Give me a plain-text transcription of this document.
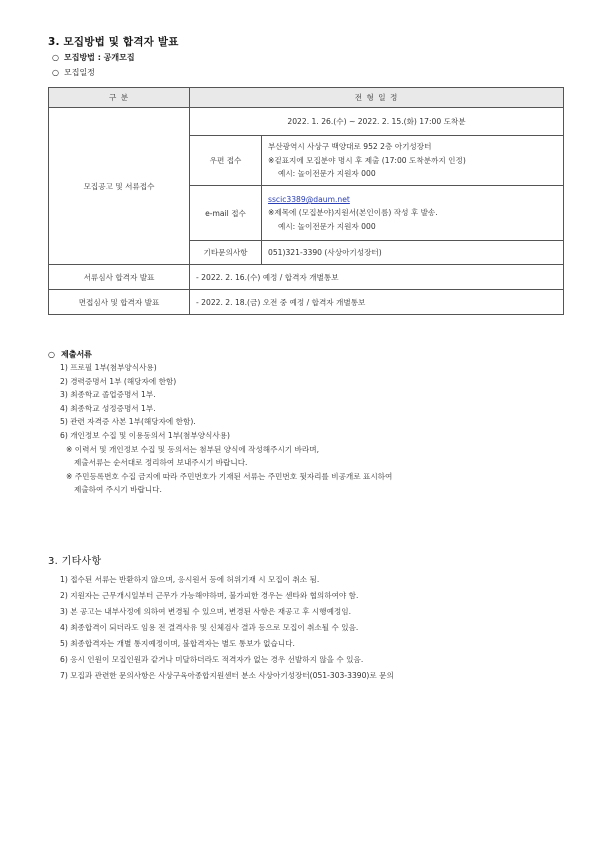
3. 모집방법 및 합격자 발표
○ 모집방법 : 공개모집
○ 모집일정
구 분	전 형 일 정	
모집공고 및 서류접수	2022. 1. 26.(수) ~ 2022. 2. 15.(화) 17:00 도착분	
	우편 접수	부산광역시 사상구 백양대로 952 2층 아기성장터
※겉표지에 모집분야 명시 후 제출 (17:00 도착분까지 인정)
예시: 놀이전문가 지원자 000

	e-mail 접수	sscic3389@daum.net
※제목에 (모집분야)지원서(본인이름) 작성 후 발송.
예시: 놀이전문가 지원자 000

	기타문의사항	051)321-3390 (사상아기성장터)
서류심사 합격자 발표	- 2022. 2. 16.(수) 예정 / 합격자 개별통보	
면접심사 및 합격자 발표	- 2022. 2. 18.(금) 오전 중 예정 / 합격자 개별통보	
○ 제출서류
1) 프로필 1부(첨부양식사용)
2) 경력증명서 1부 (해당자에 한함)
3) 최종학교 졸업증명서 1부.
4) 최종학교 성정증명서 1부.
5) 관련 자격증 사본 1부(해당자에 한함).
6) 개인정보 수집 및 이용동의서 1부(첨부양식사용)
※ 이력서 및 개인정보 수집 및 동의서는 첨부된 양식에 작성해주시기 바라며,
제출서류는 순서대로 정리하여 보내주시기 바랍니다.
※ 주민등록번호 수집 금지에 따라 주민번호가 기재된 서류는 주민번호 뒷자리를 비공개로 표시하여
제출하여 주시기 바랍니다.
3. 기타사항
1) 접수된 서류는 반환하지 않으며, 응시원서 등에 허위기재 시 모집이 취소 됨.
2) 지원자는 근무개시일부터 근무가 가능해야하며, 불가피한 경우는 센타와 협의하여야 함.
3) 본 공고는 내부사정에 의하여 변경될 수 있으며, 변경된 사항은 재공고 후 시행예정임.
4) 최종합격이 되더라도 임용 전 결격사유 및 신체검사 결과 등으로 모집이 취소될 수 있음.
5) 최종합격자는 개별 통지예정이며, 불합격자는 별도 통보가 없습니다.
6) 응시 인원이 모집인원과 같거나 미달하더라도 적격자가 없는 경우 선발하지 않을 수 있음.
7) 모집과 관련한 문의사항은 사상구육아종합지원센터 분소 사상아기성장터(051-303-3390)로 문의
